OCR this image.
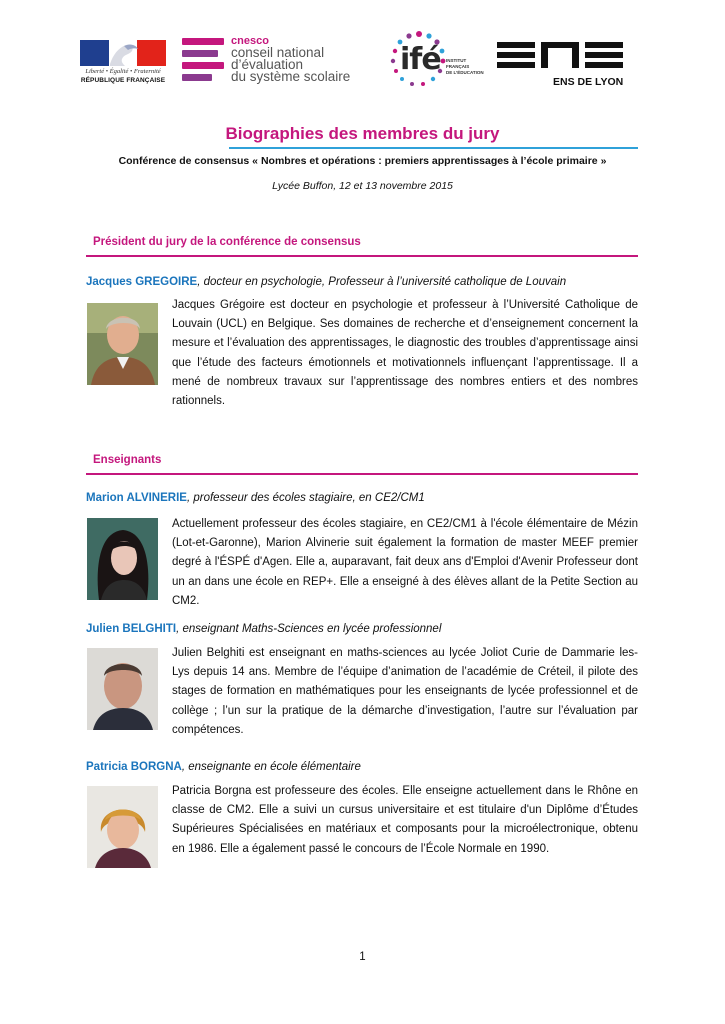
Liberté • Égalité • Fraternité
RÉPUBLIQUE FRANÇAISE
cnesco
conseil national
d’évaluation
du système scolaire ifé INSTITUT
FRANÇAIS
DE L’ÉDUCATION
ENS DE LYON
Biographies des membres du jury
Conférence de consensus « Nombres et opérations : premiers apprentissages à l’école primaire »
Lycée Buffon, 12 et 13 novembre 2015
Président du jury de la conférence de consensus
Jacques GREGOIRE, docteur en psychologie, Professeur à l’université catholique de Louvain
Jacques Grégoire est docteur en psychologie et professeur à l’Université Catholique de Louvain (UCL) en Belgique. Ses domaines de recherche et d’enseignement concernent la mesure et l’évaluation des apprentissages, le diagnostic des troubles d’apprentissage ainsi que l’étude des facteurs émotionnels et motivationnels influençant l’apprentissage. Il a mené de nombreux travaux sur l’apprentissage des nombres entiers et des nombres rationnels.
Enseignants
Marion ALVINERIE, professeur des écoles stagiaire, en CE2/CM1
Actuellement professeur des écoles stagiaire, en CE2/CM1 à l'école élémentaire de Mézin (Lot-et-Garonne), Marion Alvinerie suit également la formation de master MEEF premier degré à l'ÉSPÉ d'Agen. Elle a, auparavant, fait deux ans d'Emploi d'Avenir Professeur dont un an dans une école en REP+. Elle a enseigné à des élèves allant de la Petite Section au CM2.
Julien BELGHITI, enseignant Maths-Sciences en lycée professionnel
Julien Belghiti est enseignant en maths-sciences au lycée Joliot Curie de Dammarie les-Lys depuis 14 ans. Membre de l’équipe d’animation de l’académie de Créteil, il pilote des stages de formation en mathématiques pour les enseignants de lycée professionnel et de collège ; l’un sur la pratique de la démarche d’investigation, l’autre sur l’évaluation par compétences.
Patricia BORGNA, enseignante en école élémentaire
Patricia Borgna est professeure des écoles. Elle enseigne actuellement dans le Rhône en classe de CM2. Elle a suivi un cursus universitaire et est titulaire d'un Diplôme d’Études Supérieures Spécialisées en matériaux et composants pour la microélectronique, obtenu en 1986. Elle a également passé le concours de l’École Normale en 1990.
1
